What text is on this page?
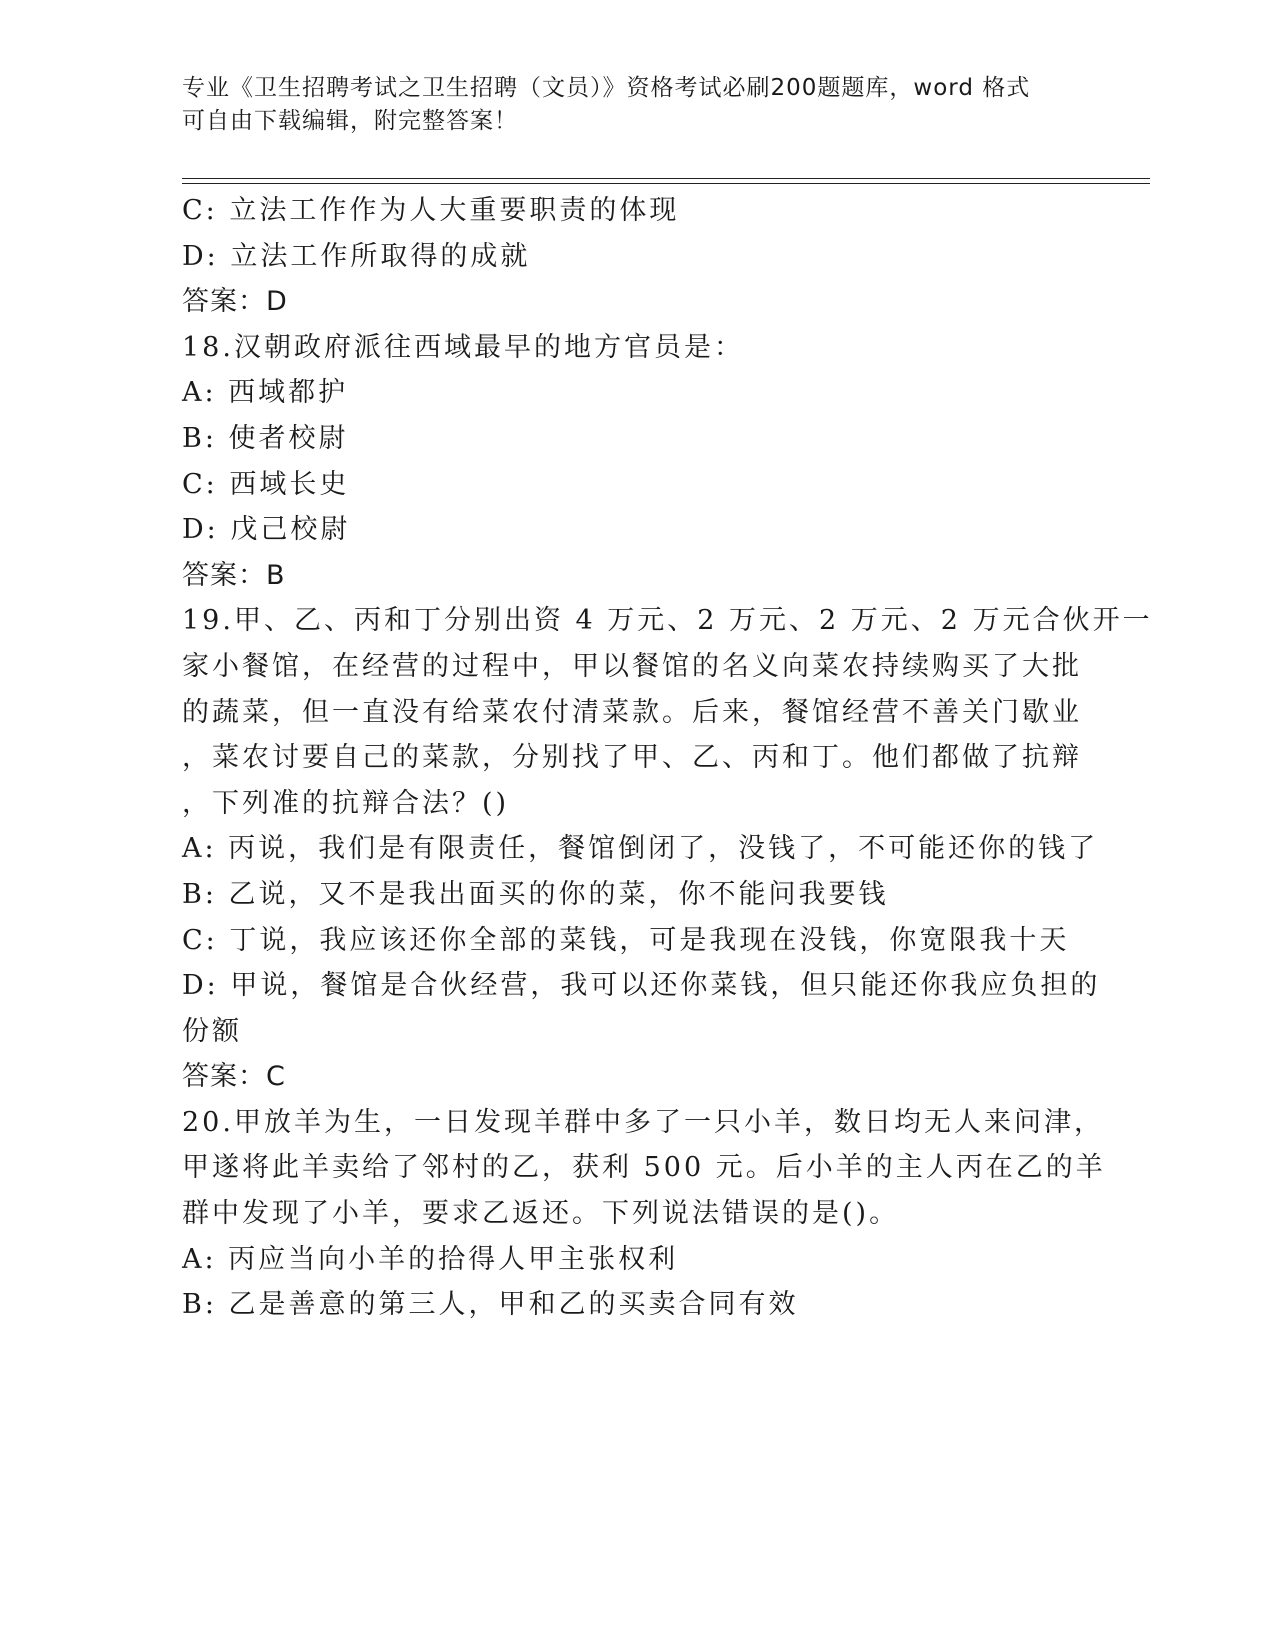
专业《卫生招聘考试之卫生招聘（文员）》资格考试必刷200题题库，word 格式
可自由下载编辑，附完整答案！

C: 立法工作作为人大重要职责的体现

D: 立法工作所取得的成就

答案：D

18.汉朝政府派往西域最早的地方官员是：

A: 西域都护

B: 使者校尉

C: 西域长史

D: 戊己校尉

答案：B

19.甲、乙、丙和丁分别出资 4 万元、2 万元、2 万元、2 万元合伙开一

家小餐馆，在经营的过程中，甲以餐馆的名义向菜农持续购买了大批

的蔬菜，但一直没有给菜农付清菜款。后来，餐馆经营不善关门歇业

，菜农讨要自己的菜款，分别找了甲、乙、丙和丁。他们都做了抗辩

，下列准的抗辩合法？()

A: 丙说，我们是有限责任，餐馆倒闭了，没钱了，不可能还你的钱了

B: 乙说，又不是我出面买的你的菜，你不能问我要钱

C: 丁说，我应该还你全部的菜钱，可是我现在没钱，你宽限我十天

D: 甲说，餐馆是合伙经营，我可以还你菜钱，但只能还你我应负担的

份额

答案：C

20.甲放羊为生，一日发现羊群中多了一只小羊，数日均无人来问津，

甲遂将此羊卖给了邻村的乙，获利 500 元。后小羊的主人丙在乙的羊

群中发现了小羊，要求乙返还。下列说法错误的是()。

A: 丙应当向小羊的拾得人甲主张权利

B: 乙是善意的第三人，甲和乙的买卖合同有效
